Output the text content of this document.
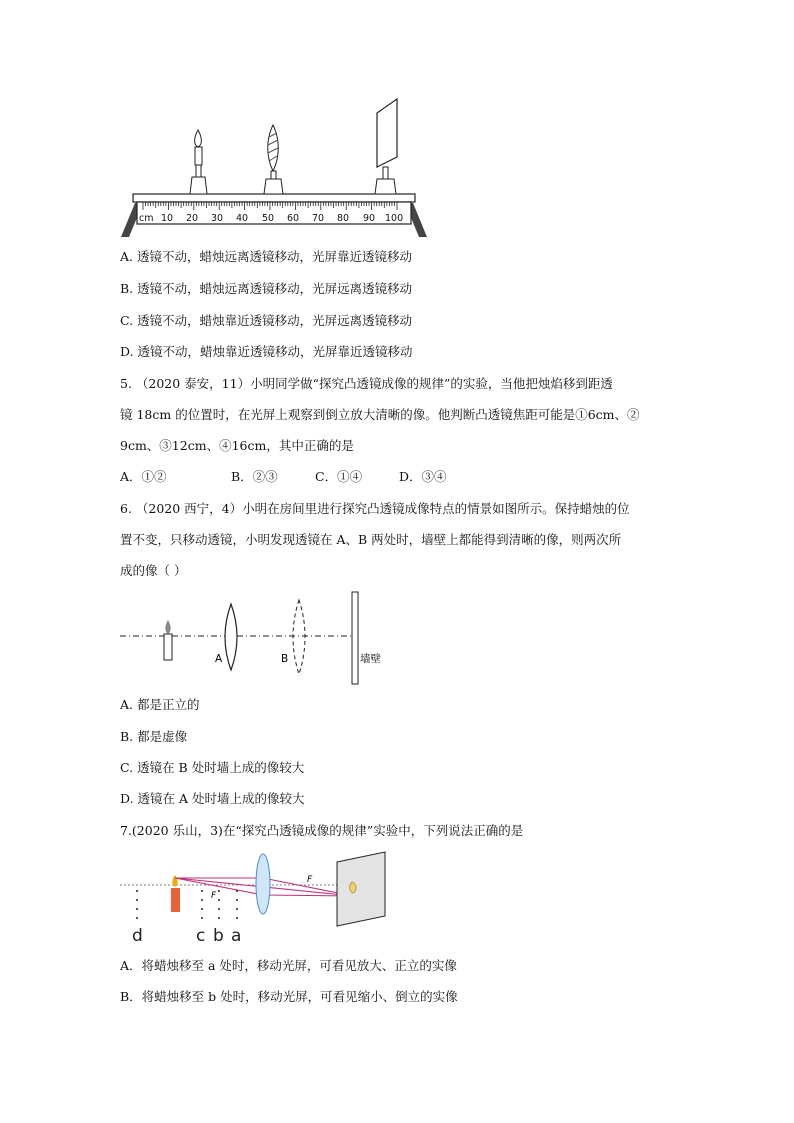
cm 10 20 30 40 50 60 70 80 90 100
A. 透镜不动，蜡烛远离透镜移动，光屏靠近透镜移动
B. 透镜不动，蜡烛远离透镜移动，光屏远离透镜移动
C. 透镜不动，蜡烛靠近透镜移动，光屏远离透镜移动
D. 透镜不动，蜡烛靠近透镜移动，光屏靠近透镜移动
5. （2020 泰安，11）小明同学做“探究凸透镜成像的规律”的实验，当他把烛焰移到距透
镜 18cm 的位置时，在光屏上观察到倒立放大清晰的像。他判断凸透镜焦距可能是①6cm、②
9cm、③12cm、④16cm，其中正确的是
A．①②	B．②③	C．①④	D．③④
6. （2020 西宁，4）小明在房间里进行探究凸透镜成像特点的情景如图所示。保持蜡烛的位
置不变，只移动透镜，小明发现透镜在 A、B 两处时，墙壁上都能得到清晰的像，则两次所
成的像（ ）
A	B	墙壁
A. 都是正立的
B. 都是虚像
C. 透镜在 B 处时墙上成的像较大
D. 透镜在 A 处时墙上成的像较大
7.(2020 乐山，3)在“探究凸透镜成像的规律”实验中，下列说法正确的是
F
F
d	c b a
A．将蜡烛移至 a 处时，移动光屏，可看见放大、正立的实像
B．将蜡烛移至 b 处时，移动光屏，可看见缩小、倒立的实像
